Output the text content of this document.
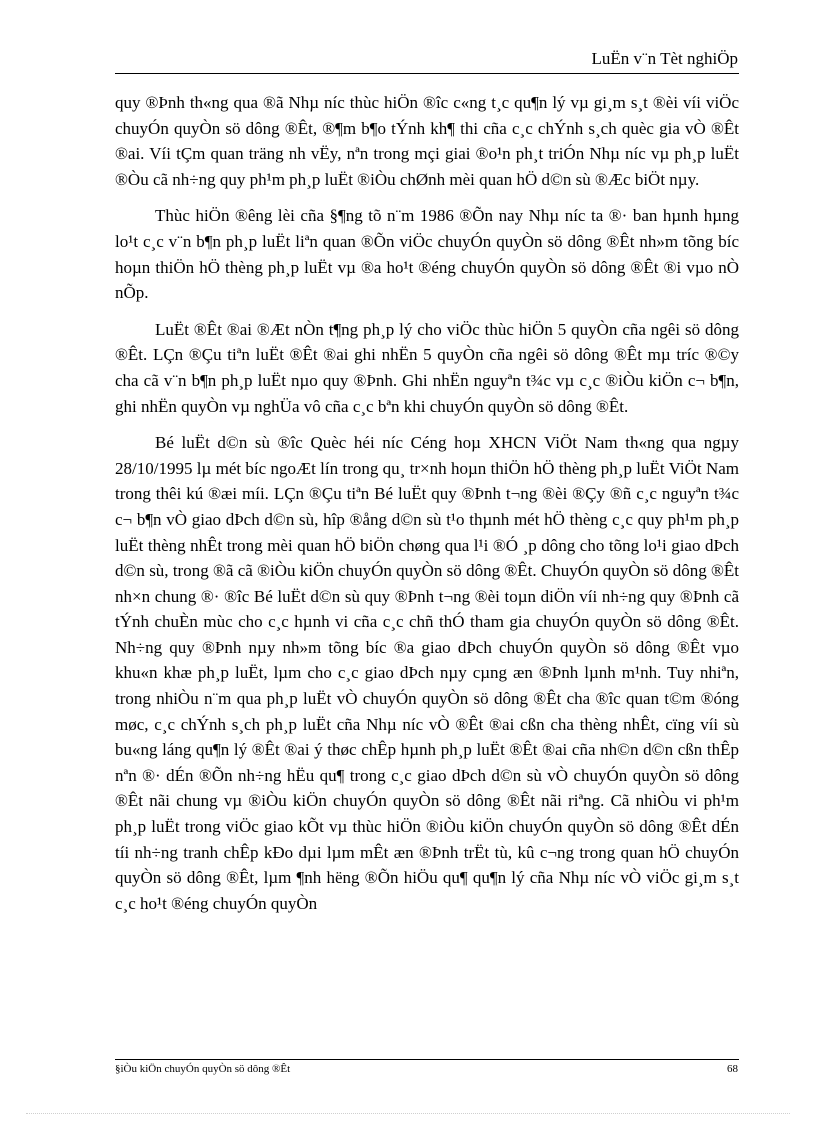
LuËn v¨n Tèt nghiÖp

quy ®Þnh th«ng qua ®ã Nhµ níc thùc hiÖn ®îc c«ng t¸c qu¶n lý vµ gi¸m s¸t ®èi víi viÖc chuyÓn quyÒn sö dông ®Êt, ®¶m b¶o tÝnh kh¶ thi cña c¸c chÝnh s¸ch quèc gia vÒ ®Êt ®ai. Víi tÇm quan träng nh vËy, nªn trong mçi giai ®o¹n ph¸t triÓn Nhµ níc vµ ph¸p luËt ®Òu cã nh÷ng quy ph¹m ph¸p luËt ®iÒu chØnh mèi quan hÖ d©n sù ®Æc biÖt nµy.

Thùc hiÖn ®êng lèi cña §¶ng tõ n¨m 1986 ®Õn nay Nhµ níc ta ®· ban hµnh hµng lo¹t c¸c v¨n b¶n ph¸p luËt liªn quan ®Õn viÖc chuyÓn quyÒn sö dông ®Êt nh»m tõng bíc hoµn thiÖn hÖ thèng ph¸p luËt vµ ®a ho¹t ®éng chuyÓn quyÒn sö dông ®Êt ®i vµo nÒ nÕp.

LuËt ®Êt ®ai ®Æt nÒn t¶ng ph¸p lý cho viÖc thùc hiÖn 5 quyÒn cña ngêi sö dông ®Êt. LÇn ®Çu tiªn luËt ®Êt ®ai ghi nhËn 5 quyÒn cña ngêi sö dông ®Êt mµ tríc ®©y cha cã v¨n b¶n ph¸p luËt nµo quy ®Þnh. Ghi nhËn nguyªn t¾c vµ c¸c ®iÒu kiÖn c¬ b¶n, ghi nhËn quyÒn vµ nghÜa vô cña c¸c bªn khi chuyÓn quyÒn sö dông ®Êt.

Bé luËt d©n sù ®îc Quèc héi níc Céng hoµ XHCN ViÖt Nam th«ng qua ngµy 28/10/1995 lµ mét bíc ngoÆt lín trong qu¸ tr×nh hoµn thiÖn hÖ thèng ph¸p luËt ViÖt Nam trong thêi kú ®æi míi. LÇn ®Çu tiªn Bé luËt quy ®Þnh t¬ng ®èi ®Çy ®ñ c¸c nguyªn t¾c c¬ b¶n vÒ giao dÞch d©n sù, hîp ®ång d©n sù t¹o thµnh mét hÖ thèng c¸c quy ph¹m ph¸p luËt thèng nhÊt trong mèi quan hÖ biÖn chøng qua l¹i ®Ó ¸p dông cho tõng lo¹i giao dÞch d©n sù, trong ®ã cã ®iÒu kiÖn chuyÓn quyÒn sö dông ®Êt. ChuyÓn quyÒn sö dông ®Êt nh×n chung ®· ®îc Bé luËt d©n sù quy ®Þnh t¬ng ®èi toµn diÖn víi nh÷ng quy ®Þnh cã tÝnh chuÈn mùc cho c¸c hµnh vi cña c¸c chñ thÓ tham gia chuyÓn quyÒn sö dông ®Êt. Nh÷ng quy ®Þnh nµy nh»m tõng bíc ®a giao dÞch chuyÓn quyÒn sö dông ®Êt vµo khu«n khæ ph¸p luËt, lµm cho c¸c giao dÞch nµy cµng æn ®Þnh lµnh m¹nh. Tuy nhiªn, trong nhiÒu n¨m qua ph¸p luËt vÒ chuyÓn quyÒn sö dông ®Êt cha ®îc quan t©m ®óng møc, c¸c chÝnh s¸ch ph¸p luËt cña Nhµ níc vÒ ®Êt ®ai cßn cha thèng nhÊt, cïng víi sù bu«ng láng qu¶n lý ®Êt ®ai ý thøc chÊp hµnh ph¸p luËt ®Êt ®ai cña nh©n d©n cßn thÊp nªn ®· dÉn ®Õn nh÷ng hËu qu¶ trong c¸c giao dÞch d©n sù vÒ chuyÓn quyÒn sö dông ®Êt nãi chung vµ ®iÒu kiÖn chuyÓn quyÒn sö dông ®Êt nãi riªng. Cã nhiÒu vi ph¹m ph¸p luËt trong viÖc giao kÕt vµ thùc hiÖn ®iÒu kiÖn chuyÓn quyÒn sö dông ®Êt dÉn tíi nh÷ng tranh chÊp kÐo dµi lµm mÊt æn ®Þnh trËt tù, kû c¬ng trong quan hÖ chuyÓn quyÒn sö dông ®Êt, lµm ¶nh hëng ®Õn hiÖu qu¶ qu¶n lý cña Nhµ níc vÒ viÖc gi¸m s¸t c¸c ho¹t ®éng chuyÓn quyÒn

§iÒu kiÖn chuyÓn quyÒn sö dông ®Êt	68
